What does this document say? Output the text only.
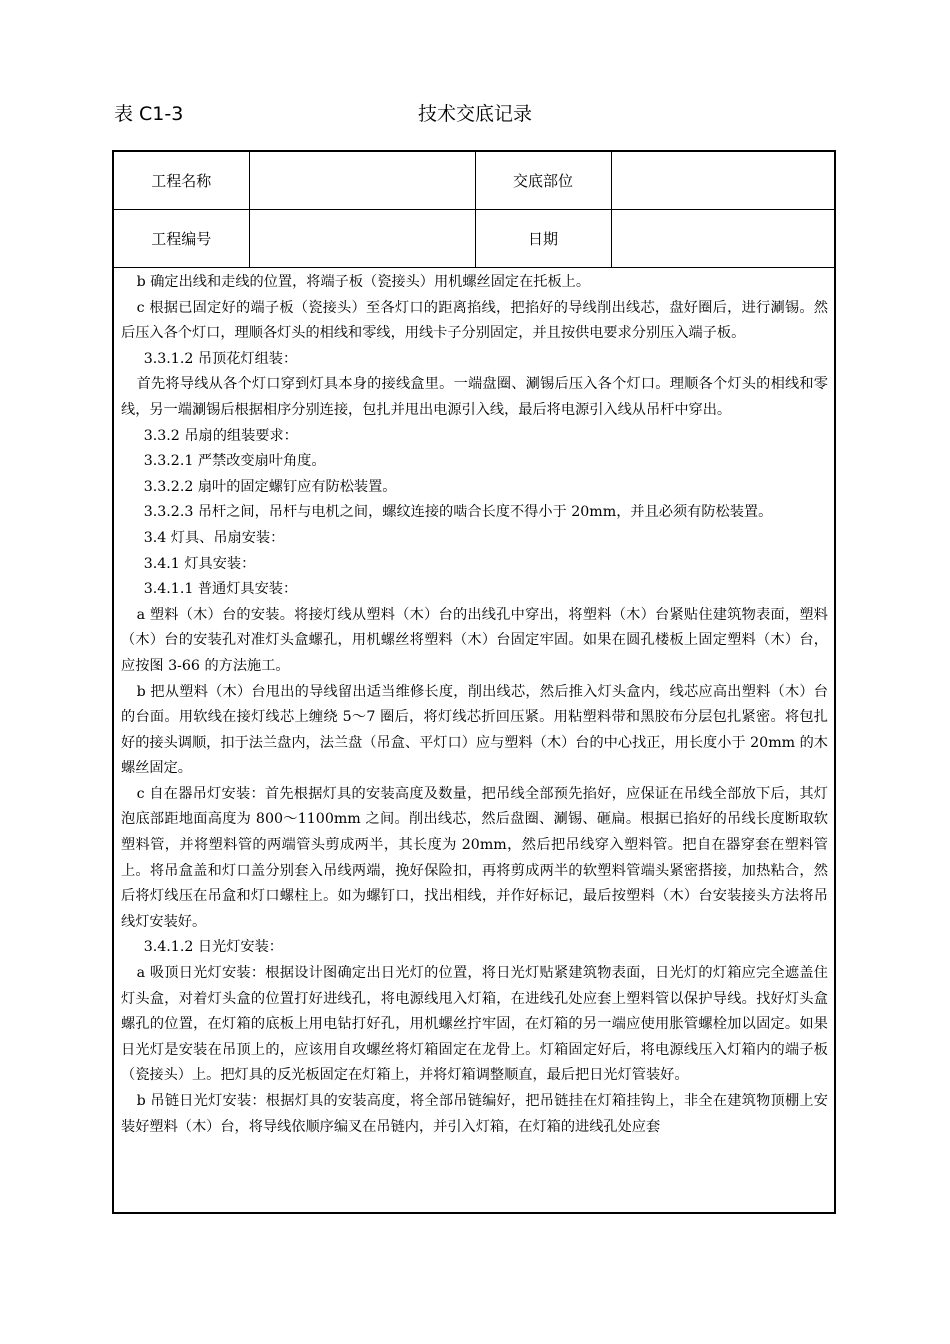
表 C1-3	技术交底记录
工程名称		交底部位	
工程编号		日期	

b 确定出线和走线的位置，将端子板（瓷接头）用机螺丝固定在托板上。

c 根据已固定好的端子板（瓷接头）至各灯口的距离掐线，把掐好的导线削出线芯，盘好圈后，进行涮锡。然后压入各个灯口，理顺各灯头的相线和零线，用线卡子分别固定，并且按供电要求分别压入端子板。

3.3.1.2 吊顶花灯组装：

首先将导线从各个灯口穿到灯具本身的接线盒里。一端盘圈、涮锡后压入各个灯口。理顺各个灯头的相线和零线，另一端涮锡后根据相序分别连接，包扎并甩出电源引入线，最后将电源引入线从吊杆中穿出。

3.3.2 吊扇的组装要求：

3.3.2.1 严禁改变扇叶角度。

3.3.2.2 扇叶的固定螺钉应有防松装置。

3.3.2.3 吊杆之间，吊杆与电机之间，螺纹连接的啮合长度不得小于 20mm，并且必须有防松装置。

3.4 灯具、吊扇安装：

3.4.1 灯具安装：

3.4.1.1 普通灯具安装：

a 塑料（木）台的安装。将接灯线从塑料（木）台的出线孔中穿出，将塑料（木）台紧贴住建筑物表面，塑料（木）台的安装孔对准灯头盒螺孔，用机螺丝将塑料（木）台固定牢固。如果在圆孔楼板上固定塑料（木）台，应按图 3-66 的方法施工。

b 把从塑料（木）台甩出的导线留出适当维修长度，削出线芯，然后推入灯头盒内，线芯应高出塑料（木）台的台面。用软线在接灯线芯上缠绕 5～7 圈后，将灯线芯折回压紧。用粘塑料带和黑胶布分层包扎紧密。将包扎好的接头调顺，扣于法兰盘内，法兰盘（吊盒、平灯口）应与塑料（木）台的中心找正，用长度小于 20mm 的木螺丝固定。

c 自在器吊灯安装：首先根据灯具的安装高度及数量，把吊线全部预先掐好，应保证在吊线全部放下后，其灯泡底部距地面高度为 800～1100mm 之间。削出线芯，然后盘圈、涮锡、砸扁。根据已掐好的吊线长度断取软塑料管，并将塑料管的两端管头剪成两半，其长度为 20mm，然后把吊线穿入塑料管。把自在器穿套在塑料管上。将吊盒盖和灯口盖分别套入吊线两端，挽好保险扣，再将剪成两半的软塑料管端头紧密搭接，加热粘合，然后将灯线压在吊盒和灯口螺柱上。如为螺钉口，找出相线，并作好标记，最后按塑料（木）台安装接头方法将吊线灯安装好。

3.4.1.2 日光灯安装：

a 吸顶日光灯安装：根据设计图确定出日光灯的位置，将日光灯贴紧建筑物表面，日光灯的灯箱应完全遮盖住灯头盒，对着灯头盒的位置打好进线孔，将电源线甩入灯箱，在进线孔处应套上塑料管以保护导线。找好灯头盒螺孔的位置，在灯箱的底板上用电钻打好孔，用机螺丝拧牢固，在灯箱的另一端应使用胀管螺栓加以固定。如果日光灯是安装在吊顶上的，应该用自攻螺丝将灯箱固定在龙骨上。灯箱固定好后，将电源线压入灯箱内的端子板（瓷接头）上。把灯具的反光板固定在灯箱上，并将灯箱调整顺直，最后把日光灯管装好。

b 吊链日光灯安装：根据灯具的安装高度，将全部吊链编好，把吊链挂在灯箱挂钩上，非全在建筑物顶棚上安装好塑料（木）台，将导线依顺序编叉在吊链内，并引入灯箱，在灯箱的进线孔处应套
